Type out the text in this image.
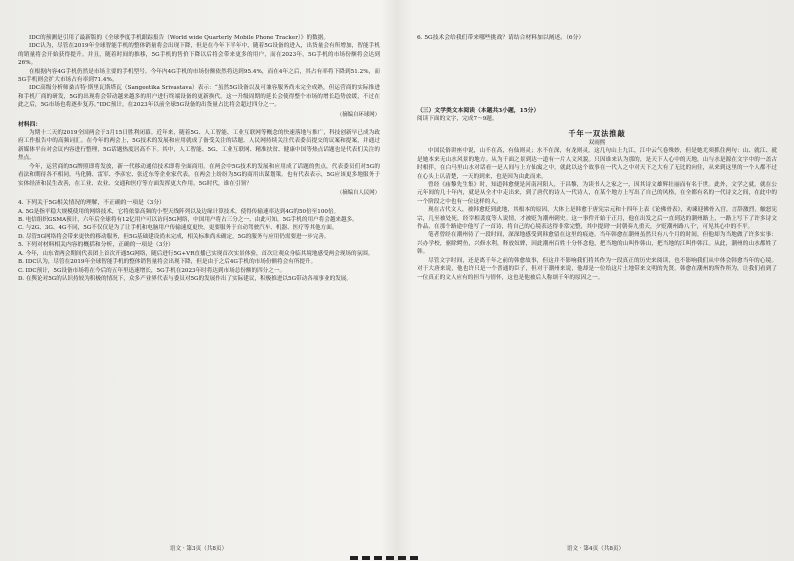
IDC的预测是引用了最新版的《全球季度手机跟踪报告（World wide Quarterly Mobile Phone Tracker）》的数据。

IDC认为，尽管在2019年全球智能手机的整体销量将会出现下降，但是在今年下半年中，随着5G设备的进入，出货量会有所增加，智能手机的销量将会开始获得提升。并且，随着时间的推移，5G手机的售价下降以后将会带来更多的用户，而在2023年，5G手机的市场份额将会达到26%。

在根据内容4G手机仍然是市场主要的手机型号。今年内4G手机的市场份额依然将达到95.4%，而在4年之后，其占有率将下降到51.2%，而5G手机则会扩大市场占有率到71.4%。

IDC高级分析师桑吉特·斯里瓦斯塔瓦（Sangeetika Srivastava）表示：“虽然5G设备以及可兼容服务尚未完全成熟，但运营商的实际推进和手机厂商的研发，5G的出现将会带动越来越多的用户进行终端设备的更新换代。这一升级周期的延长会使得整个市场的增长趋势放缓，不过在此之后，5G市场也将逐步复苏。”IDC预计，在2023年以前全球5G设备的出货量占比将会超过四分之一。

（摘编自环球网）

材料四：

为期十二天的2019全国两会于3月15日胜利闭幕。近年来，随着5G、人工智能、工业互联网等概念的快速落地与推广，科技创新早已成为政府工作报告中的高频词汇。在今年的两会上，5G技术的发展和应用就成了备受关注的话题。人民网持续关注代表委员提交的议案和提案，并通过新媒体平台对会议内容进行整理，5G话题热度居高不下。其中，人工智能、5G、工业互联网、精准扶贫、健康中国等热点话题也是代表们关注的焦点。

今年，运营商的5G牌照即将发放，新一代移动通信技术即将全面商用。在两会中5G技术的发展和应用成了话题的焦点，代表委员们对5G的看法和期待各不相同。马化腾、雷军、李彦宏、张近东等企业家代表，在两会上纷纷为5G的商用出谋划策。也有代表表示，5G应该更多地服务于实体经济和民生改善，在工业、农业、交通和医疗等方面发挥更大作用。5G时代，谁在引领？

（摘编自人民网）

4. 下列关于5G相关情况的理解，不正确的一项是（3分）

A. 5G是指平稳大规模使用的网络技术，它将依靠高频的小型天线阵列以及边缘计算技术，使得传输速率达到4G的50倍至100倍。

B. 电信组织GSMA预计，六年后全球将有12亿用户可以访问5G网络，中国用户将占三分之一。由此可知，5G手机的用户将会越来越多。

C. 与2G、3G、4G不同，5G不仅仅是为了让手机和电脑用户传输速度更快，更要服务于自动驾驶汽车、机器、医疗等其他方面。

D. 尽管5G网络将会带来更快的移动服务，但5G基础建设尚未完成，相关标准尚未确定，5G的服务与应用仍需要进一步完善。

5. 下列对材料相关内容的概括和分析，正确的一项是（3分）

A. 今年，山东省两会期间代表团上首次开通5G网络，随后进行5G+VR直播已实现首次实景体验，首次让观众身临其境地感受两会现场的氛围。

B. IDC认为，尽管在2019年全球智能手机的整体销售量将会出现下降，但是由于之后4G手机的市场份额将会有所提升。

C. IDC预计，5G设备市场将在今后的五年里迅速增长，5G手机在2023年时将达到市场总份额的四分之一。

D. 在舆论对5G的认识持较为积极的情况下，众多产业界代表与委员对5G的发展作出了实际建议，积极推进以5G带动各项事业的发展。

语文 · 第3页（共8页）

6. 5G技术会给我们带来哪些挑战？请结合材料加以阐述。（6分）

（三）文学类文本阅读（本题共3小题，15分）

阅读下面的文字，完成7～9题。

千年一双法推敲

双雨熙

中国民俗讲座中说，山不在高，有仙则灵；水不在深，有龙则灵。这几句山上九江，江中云气卷殊妙，但是她尤须抓住两句：山、就江、就是她本来无山水风景的地方。从为千面之景到达一道有一片人文风貌。只因谁来认为那的，是天下人心中的天地，山与水是源在文字中的一盖古时相伴，在白马里山水对话看一是人间与上方仙寓之中，就此以这个故事在一代人之中对天下之大有了无比的向往，从来到这里的一个人都不过在心头上认清楚，一天的到来，也是因为由此而来。

曾经《庙黎先生集》时，知道韩愈便是河南河阳人，于昌黎，为读书人之家之一，因其诗文雄辉壮丽而有名于世。此外，文学之就，就在公元年间的几十年内，就是从全才中走出来，到了唐代的诗人一代诗人，在某个地方上写出了自己的风格，在全都有名的一代诗文之间，在此中的一个阶段之中也有一位这样的人。

现在古代文人，被韩愈贬到此地，其根本的原因，大体上是韩愈于唐宪宗元和十四年上表《论佛骨表》，劝谏迎佛骨入宫，言辞激烈，触怒宪宗，几至被处死，经宰相裴度等人说情，才被贬为潮州刺史。这一事件开始于正月，他在出发之后一直到达的潮州路上，一路上写下了许多诗文作品，在那个路途中他写了一首诗，将自己的心境表达得非常完整，其中提到'一封朝奏九重天，夕贬潮州路八千'，可见其心中的不平。

笔者曾经在潮州待了一段时间，深深地感受到韩愈留在这里的痕迹。当年韩愈在潮州虽然只有八个月的时间，但他却为当地做了许多实事：兴办学校，驱除鳄鱼，兴修水利，释放奴婢，因此潮州百姓十分怀念他，把当地的山叫作韩山，把当地的江叫作韩江。从此，潮州的山水都姓了韩。

尽管文字时间，还是离千年之前的韩愈故事，但这并不影响我们将其作为一段真正的历史来阅读，也不影响我们从中体会韩愈当年的心境。对于大唐来说，他也许只是一个普通的臣子，但对于潮州来说，他却是一位给这片土地带来文明的先贤。韩愈在潮州的所作所为，让我们看到了一位真正的文人应有的担当与情怀，这也是他被后人称颂千年的原因之一。

语文 · 第4页（共8页）
